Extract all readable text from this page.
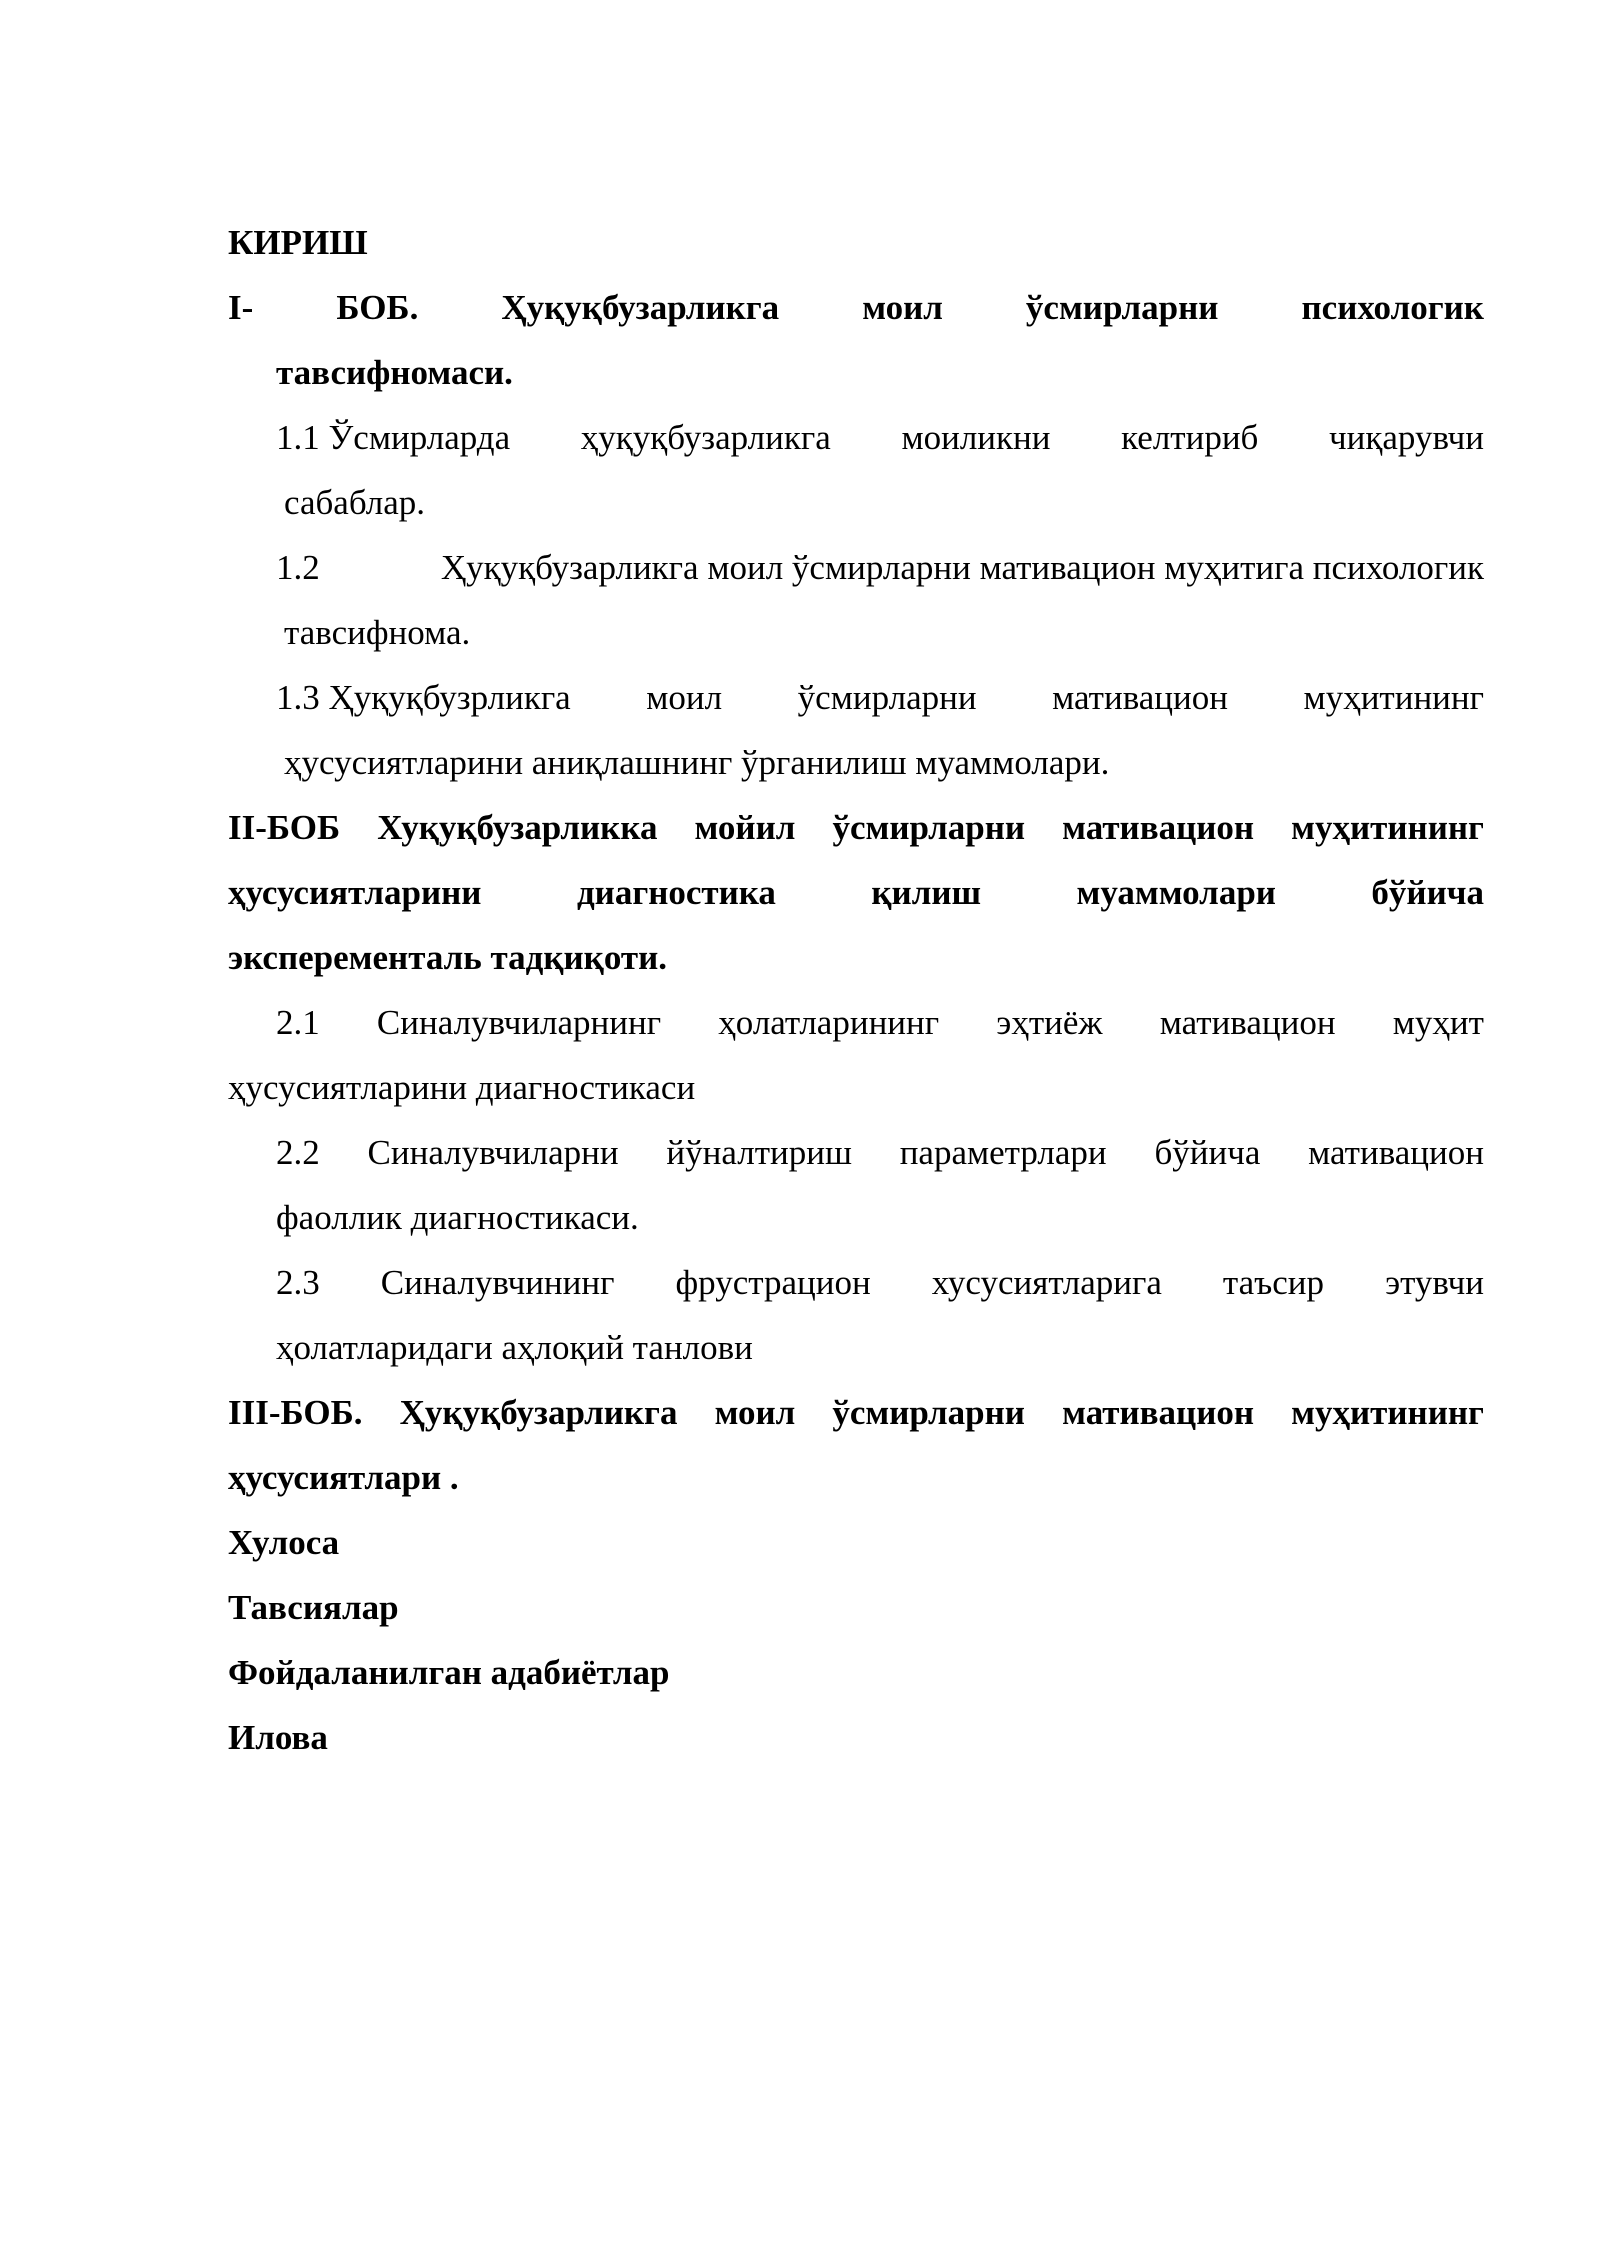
КИРИШ
I- БОБ. Ҳуқуқбузарликга моил ўсмирларни психологик
тавсифномаси.
1.1 Ўсмирларда ҳуқуқбузарликга моиликни келтириб чиқарувчи
сабаблар.
1.2	Ҳуқуқбузарликга моил ўсмирларни мативацион муҳитига психологик
тавсифнома.
1.3 Ҳуқуқбузрликга моил ўсмирларни мативацион муҳитининг
ҳусусиятларини аниқлашнинг ўрганилиш муаммолари.
II-БОБ Хуқуқбузарликка мойил ўсмирларни мативацион муҳитининг
ҳусусиятларини	диагностика	қилиш	муаммолари	бўйича
эксперементаль тадқиқоти.
2.1 Синалувчиларнинг ҳолатларининг эҳтиёж мативацион муҳит
ҳусусиятларини диагностикаси
2.2 Синалувчиларни йўналтириш параметрлари бўйича мативацион
фаоллик диагностикаси.
2.3 Синалувчининг фрустрацион хусусиятларига таъсир этувчи
ҳолатларидаги аҳлоқий танлови
III-БОБ. Ҳуқуқбузарликга моил ўсмирларни мативацион муҳитининг
ҳусусиятлари .
Хулоса
Тавсиялар
Фойдаланилган адабиётлар
Илова
